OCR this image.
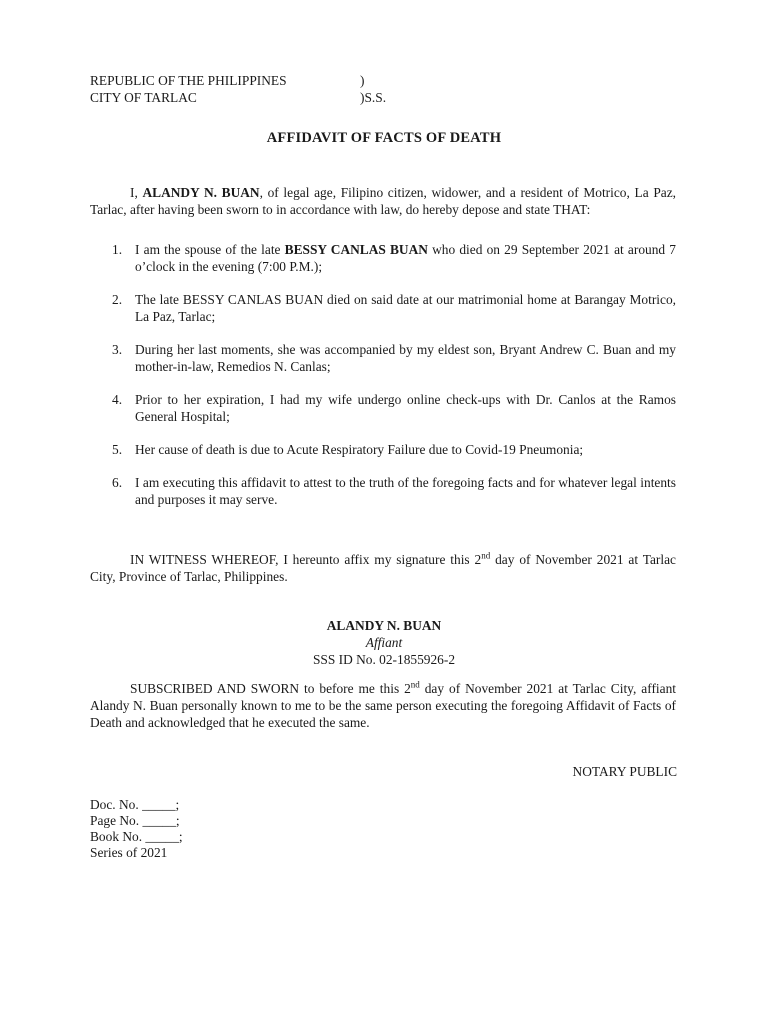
REPUBLIC OF THE PHILIPPINES	)
CITY OF TARLAC	)S.S.
AFFIDAVIT OF FACTS OF DEATH
I, ALANDY N. BUAN, of legal age, Filipino citizen, widower, and a resident of Motrico, La Paz, Tarlac, after having been sworn to in accordance with law, do hereby depose and state THAT:
1. I am the spouse of the late BESSY CANLAS BUAN who died on 29 September 2021 at around 7 o’clock in the evening (7:00 P.M.);
2. The late BESSY CANLAS BUAN died on said date at our matrimonial home at Barangay Motrico, La Paz, Tarlac;
3. During her last moments, she was accompanied by my eldest son, Bryant Andrew C. Buan and my mother-in-law, Remedios N. Canlas;
4. Prior to her expiration, I had my wife undergo online check-ups with Dr. Canlos at the Ramos General Hospital;
5. Her cause of death is due to Acute Respiratory Failure due to Covid-19 Pneumonia;
6. I am executing this affidavit to attest to the truth of the foregoing facts and for whatever legal intents and purposes it may serve.
IN WITNESS WHEREOF, I hereunto affix my signature this 2nd day of November 2021 at Tarlac City, Province of Tarlac, Philippines.
ALANDY N. BUAN
Affiant
SSS ID No. 02-1855926-2
SUBSCRIBED AND SWORN to before me this 2nd day of November 2021 at Tarlac City, affiant Alandy N. Buan personally known to me to be the same person executing the foregoing Affidavit of Facts of Death and acknowledged that he executed the same.
NOTARY PUBLIC
Doc. No. _____;
Page No. _____;
Book No. _____;
Series of 2021
